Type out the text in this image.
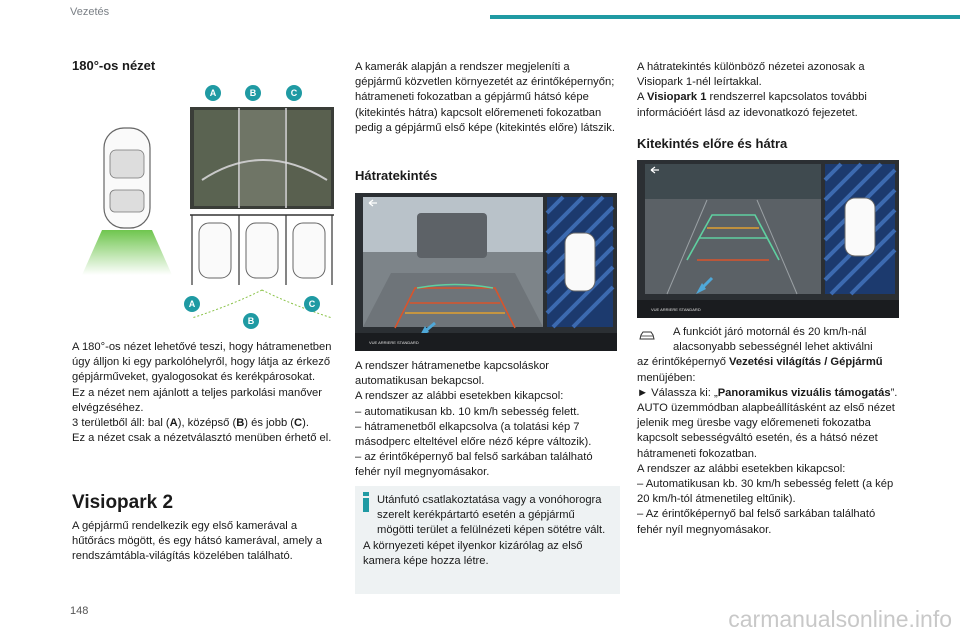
Vezetés
180°-os nézet
A	B	C
A
B
C

A 180°-os nézet lehetővé teszi, hogy hátramenetben úgy álljon ki egy parkolóhelyről, hogy látja az érkező gépjárműveket, gyalogosokat és kerékpárosokat.

Ez a nézet nem ajánlott a teljes parkolási manőver elvégzéséhez.

3 területből áll: bal (A), középső (B) és jobb (C).

Ez a nézet csak a nézetválasztó menüben érhető el.

Visiopark 2

A gépjármű rendelkezik egy első kamerával a hűtőrács mögött, és egy hátsó kamerával, amely a rendszámtábla-világítás közelében található.

A kamerák alapján a rendszer megjeleníti a gépjármű közvetlen környezetét az érintőképernyőn; hátrameneti fokozatban a gépjármű hátsó képe (kitekintés hátra) kapcsolt előremeneti fokozatban pedig a gépjármű első képe (kitekintés előre) látszik.

Hátratekintés
VUE ARRIERE STANDARD

A rendszer hátramenetbe kapcsoláskor automatikusan bekapcsol.

A rendszer az alábbi esetekben kikapcsol:

– automatikusan kb. 10 km/h sebesség felett.

– hátramenetből elkapcsolva (a tolatási kép 7 másodperc elteltével előre néző képre változik).

– az érintőképernyő bal felső sarkában található fehér nyíl megnyomásakor.

Utánfutó csatlakoztatása vagy a vonóhorogra szerelt kerékpártartó esetén a gépjármű mögötti terület a felülnézeti képen sötétre vált.

A környezeti képet ilyenkor kizárólag az első kamera képe hozza létre.

A hátratekintés különböző nézetei azonosak a Visiopark 1-nél leírtakkal.

A Visiopark 1 rendszerrel kapcsolatos további információért lásd az idevonatkozó fejezetet.

Kitekintés előre és hátra
VUE ARRIERE STANDARD

A funkciót járó motornál és 20 km/h-nál alacsonyabb sebességnél lehet aktiválni

az érintőképernyő Vezetési világítás / Gépjármű menüjében:

► Válassza ki: „Panoramikus vizuális támogatás”.

AUTO üzemmódban alapbeállításként az első nézet jelenik meg üresbe vagy előremeneti fokozatba kapcsolt sebességváltó esetén, és a hátsó nézet hátrameneti fokozatban.

A rendszer az alábbi esetekben kikapcsol:

– Automatikusan kb. 30 km/h sebesség felett (a kép 20 km/h-tól átmenetileg eltűnik).

– Az érintőképernyő bal felső sarkában található fehér nyíl megnyomásakor.

148	carmanualsonline.info
